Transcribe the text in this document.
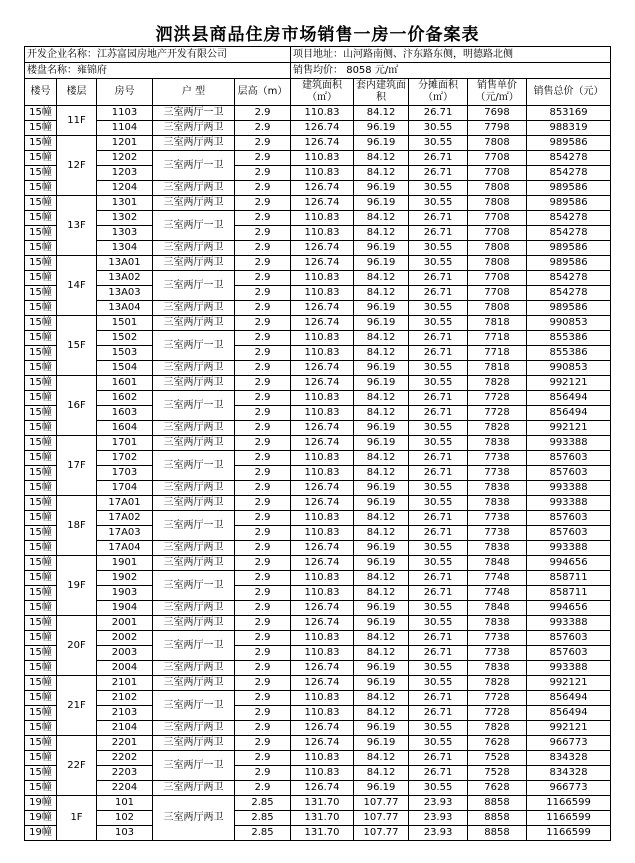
泗洪县商品住房市场销售一房一价备案表
开发企业名称：江苏富园房地产开发有限公司					项目地址：山河路南侧、汴东路东侧，明德路北侧				
楼盘名称：雍锦府					销售均价： 8058 元/㎡				
楼号	楼层	房号	户 型	层高（m）	建筑面积（㎡）	套内建筑面积	分摊面积（㎡）	销售单价（元/㎡）	销售总价（元）
15幢	11F	1103	三室两厅一卫	2.9	110.83	84.12	26.71	7698	853169
15幢		1104	三室两厅两卫	2.9	126.74	96.19	30.55	7798	988319
15幢	12F	1201	三室两厅两卫	2.9	126.74	96.19	30.55	7808	989586
15幢		1202	三室两厅一卫	2.9	110.83	84.12	26.71	7708	854278
15幢		1203		2.9	110.83	84.12	26.71	7708	854278
15幢		1204	三室两厅两卫	2.9	126.74	96.19	30.55	7808	989586
15幢	13F	1301	三室两厅两卫	2.9	126.74	96.19	30.55	7808	989586
15幢		1302	三室两厅一卫	2.9	110.83	84.12	26.71	7708	854278
15幢		1303		2.9	110.83	84.12	26.71	7708	854278
15幢		1304	三室两厅两卫	2.9	126.74	96.19	30.55	7808	989586
15幢	14F	13A01	三室两厅两卫	2.9	126.74	96.19	30.55	7808	989586
15幢		13A02	三室两厅一卫	2.9	110.83	84.12	26.71	7708	854278
15幢		13A03		2.9	110.83	84.12	26.71	7708	854278
15幢		13A04	三室两厅两卫	2.9	126.74	96.19	30.55	7808	989586
15幢	15F	1501	三室两厅两卫	2.9	126.74	96.19	30.55	7818	990853
15幢		1502	三室两厅一卫	2.9	110.83	84.12	26.71	7718	855386
15幢		1503		2.9	110.83	84.12	26.71	7718	855386
15幢		1504	三室两厅两卫	2.9	126.74	96.19	30.55	7818	990853
15幢	16F	1601	三室两厅两卫	2.9	126.74	96.19	30.55	7828	992121
15幢		1602	三室两厅一卫	2.9	110.83	84.12	26.71	7728	856494
15幢		1603		2.9	110.83	84.12	26.71	7728	856494
15幢		1604	三室两厅两卫	2.9	126.74	96.19	30.55	7828	992121
15幢	17F	1701	三室两厅两卫	2.9	126.74	96.19	30.55	7838	993388
15幢		1702	三室两厅一卫	2.9	110.83	84.12	26.71	7738	857603
15幢		1703		2.9	110.83	84.12	26.71	7738	857603
15幢		1704	三室两厅两卫	2.9	126.74	96.19	30.55	7838	993388
15幢	18F	17A01	三室两厅两卫	2.9	126.74	96.19	30.55	7838	993388
15幢		17A02	三室两厅一卫	2.9	110.83	84.12	26.71	7738	857603
15幢		17A03		2.9	110.83	84.12	26.71	7738	857603
15幢		17A04	三室两厅两卫	2.9	126.74	96.19	30.55	7838	993388
15幢	19F	1901	三室两厅两卫	2.9	126.74	96.19	30.55	7848	994656
15幢		1902	三室两厅一卫	2.9	110.83	84.12	26.71	7748	858711
15幢		1903		2.9	110.83	84.12	26.71	7748	858711
15幢		1904	三室两厅两卫	2.9	126.74	96.19	30.55	7848	994656
15幢	20F	2001	三室两厅两卫	2.9	126.74	96.19	30.55	7838	993388
15幢		2002	三室两厅一卫	2.9	110.83	84.12	26.71	7738	857603
15幢		2003		2.9	110.83	84.12	26.71	7738	857603
15幢		2004	三室两厅两卫	2.9	126.74	96.19	30.55	7838	993388
15幢	21F	2101	三室两厅两卫	2.9	126.74	96.19	30.55	7828	992121
15幢		2102	三室两厅一卫	2.9	110.83	84.12	26.71	7728	856494
15幢		2103		2.9	110.83	84.12	26.71	7728	856494
15幢		2104	三室两厅两卫	2.9	126.74	96.19	30.55	7828	992121
15幢	22F	2201	三室两厅两卫	2.9	126.74	96.19	30.55	7628	966773
15幢		2202	三室两厅一卫	2.9	110.83	84.12	26.71	7528	834328
15幢		2203		2.9	110.83	84.12	26.71	7528	834328
15幢		2204	三室两厅两卫	2.9	126.74	96.19	30.55	7628	966773
19幢	1F	101	三室两厅两卫	2.85	131.70	107.77	23.93	8858	1166599
19幢		102		2.85	131.70	107.77	23.93	8858	1166599
19幢		103		2.85	131.70	107.77	23.93	8858	1166599
